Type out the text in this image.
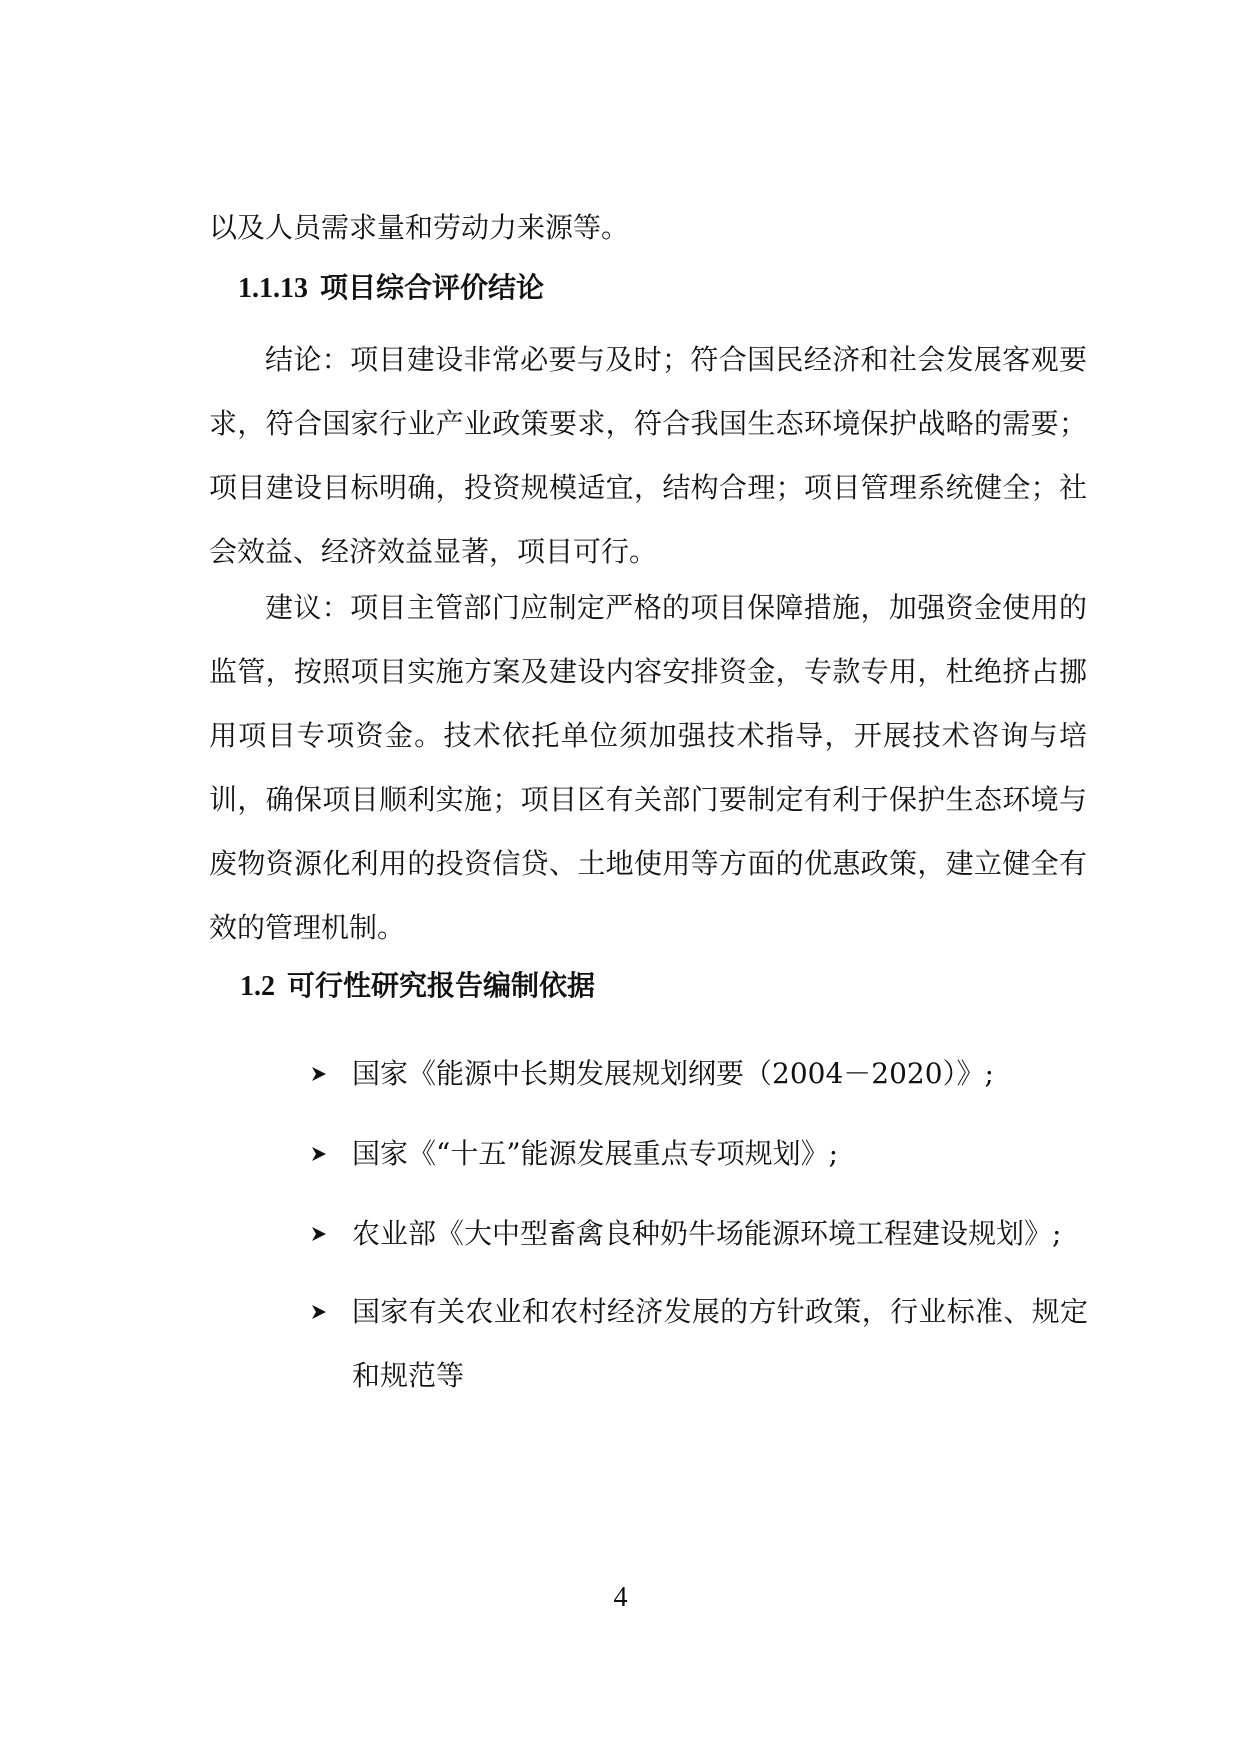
以及人员需求量和劳动力来源等。

1.1.13 项目综合评价结论

结论：项目建设非常必要与及时；符合国民经济和社会发展客观要求，符合国家行业产业政策要求，符合我国生态环境保护战略的需要；项目建设目标明确，投资规模适宜，结构合理；项目管理系统健全；社会效益、经济效益显著，项目可行。

建议：项目主管部门应制定严格的项目保障措施，加强资金使用的监管，按照项目实施方案及建设内容安排资金，专款专用，杜绝挤占挪用项目专项资金。技术依托单位须加强技术指导，开展技术咨询与培训，确保项目顺利实施；项目区有关部门要制定有利于保护生态环境与废物资源化利用的投资信贷、土地使用等方面的优惠政策，建立健全有效的管理机制。

1.2 可行性研究报告编制依据
国家《能源中长期发展规划纲要（2004－2020）》;
国家《“十五”能源发展重点专项规划》;
农业部《大中型畜禽良种奶牛场能源环境工程建设规划》;
国家有关农业和农村经济发展的方针政策，行业标准、规定和规范等
4
